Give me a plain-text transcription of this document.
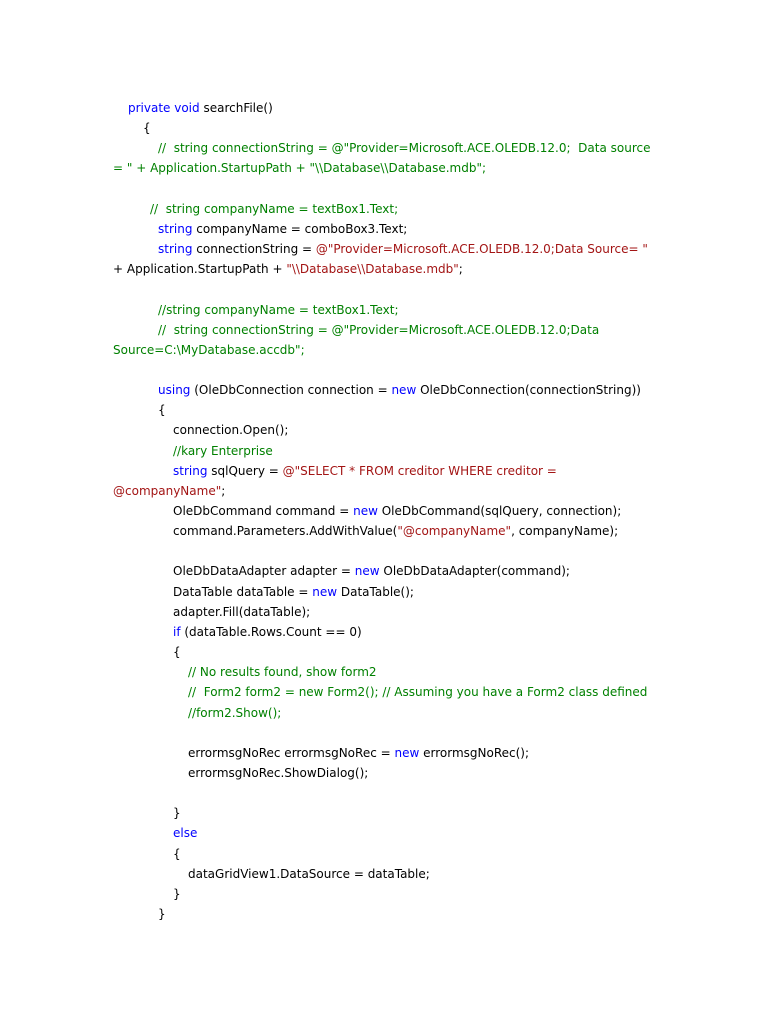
private void searchFile()
{
//  string connectionString = @"Provider=Microsoft.ACE.OLEDB.12.0;  Data source
= " + Application.StartupPath + "\\Database\\Database.mdb";
//  string companyName = textBox1.Text;
string companyName = comboBox3.Text;
string connectionString = @"Provider=Microsoft.ACE.OLEDB.12.0;Data Source= "
+ Application.StartupPath + "\\Database\\Database.mdb";
//string companyName = textBox1.Text;
//  string connectionString = @"Provider=Microsoft.ACE.OLEDB.12.0;Data
Source=C:\MyDatabase.accdb";
using (OleDbConnection connection = new OleDbConnection(connectionString))
{
connection.Open();
//kary Enterprise
string sqlQuery = @"SELECT * FROM creditor WHERE creditor =
@companyName";
OleDbCommand command = new OleDbCommand(sqlQuery, connection);
command.Parameters.AddWithValue("@companyName", companyName);
OleDbDataAdapter adapter = new OleDbDataAdapter(command);
DataTable dataTable = new DataTable();
adapter.Fill(dataTable);
if (dataTable.Rows.Count == 0)
{
// No results found, show form2
//  Form2 form2 = new Form2(); // Assuming you have a Form2 class defined
//form2.Show();
errormsgNoRec errormsgNoRec = new errormsgNoRec();
errormsgNoRec.ShowDialog();
}
else
{
dataGridView1.DataSource = dataTable;
}
}
